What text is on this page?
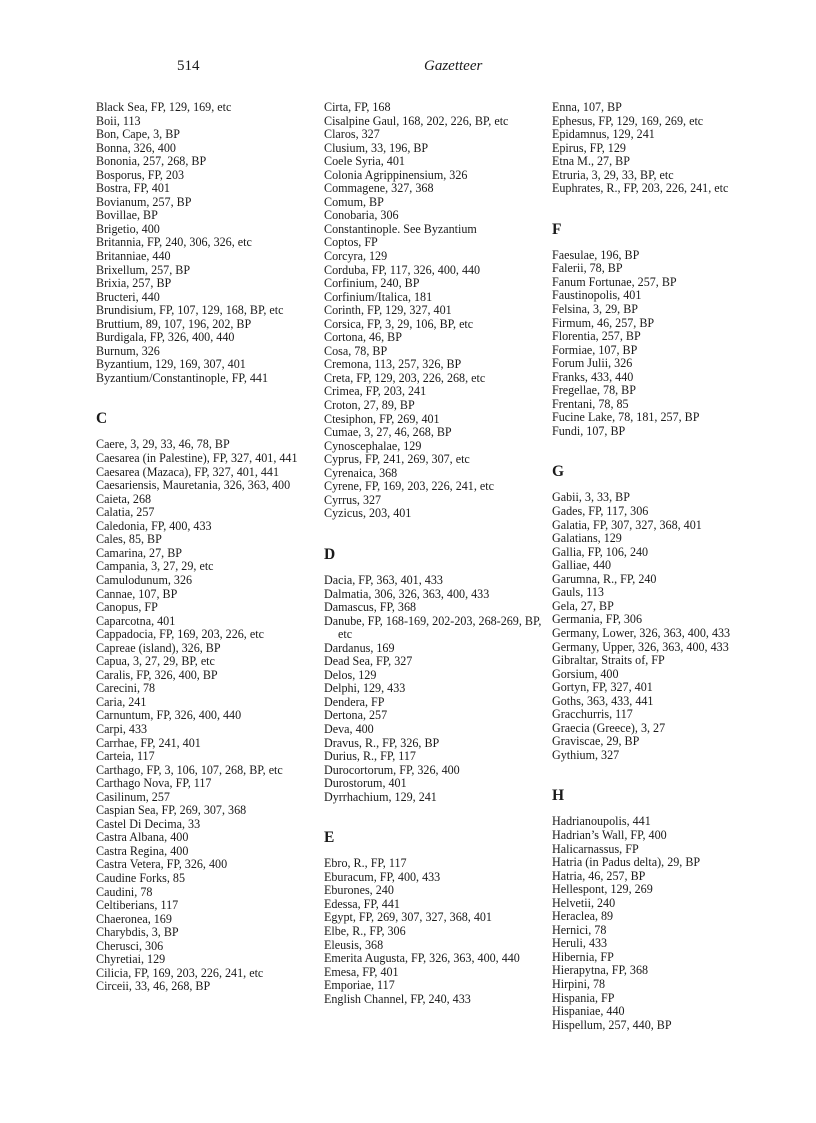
514	Gazetteer
Black Sea, FP, 129, 169, etc
Boii, 113
Bon, Cape, 3, BP
Bonna, 326, 400
Bononia, 257, 268, BP
Bosporus, FP, 203
Bostra, FP, 401
Bovianum, 257, BP
Bovillae, BP
Brigetio, 400
Britannia, FP, 240, 306, 326, etc
Britanniae, 440
Brixellum, 257, BP
Brixia, 257, BP
Bructeri, 440
Brundisium, FP, 107, 129, 168, BP, etc
Bruttium, 89, 107, 196, 202, BP
Burdigala, FP, 326, 400, 440
Burnum, 326
Byzantium, 129, 169, 307, 401
Byzantium/Constantinople, FP, 441
C
Caere, 3, 29, 33, 46, 78, BP
Caesarea (in Palestine), FP, 327, 401, 441
Caesarea (Mazaca), FP, 327, 401, 441
Caesariensis, Mauretania, 326, 363, 400
Caieta, 268
Calatia, 257
Caledonia, FP, 400, 433
Cales, 85, BP
Camarina, 27, BP
Campania, 3, 27, 29, etc
Camulodunum, 326
Cannae, 107, BP
Canopus, FP
Caparcotna, 401
Cappadocia, FP, 169, 203, 226, etc
Capreae (island), 326, BP
Capua, 3, 27, 29, BP, etc
Caralis, FP, 326, 400, BP
Carecini, 78
Caria, 241
Carnuntum, FP, 326, 400, 440
Carpi, 433
Carrhae, FP, 241, 401
Carteia, 117
Carthago, FP, 3, 106, 107, 268, BP, etc
Carthago Nova, FP, 117
Casilinum, 257
Caspian Sea, FP, 269, 307, 368
Castel Di Decima, 33
Castra Albana, 400
Castra Regina, 400
Castra Vetera, FP, 326, 400
Caudine Forks, 85
Caudini, 78
Celtiberians, 117
Chaeronea, 169
Charybdis, 3, BP
Cherusci, 306
Chyretiai, 129
Cilicia, FP, 169, 203, 226, 241, etc
Circeii, 33, 46, 268, BP
Cirta, FP, 168
Cisalpine Gaul, 168, 202, 226, BP, etc
Claros, 327
Clusium, 33, 196, BP
Coele Syria, 401
Colonia Agrippinensium, 326
Commagene, 327, 368
Comum, BP
Conobaria, 306
Constantinople. See Byzantium
Coptos, FP
Corcyra, 129
Corduba, FP, 117, 326, 400, 440
Corfinium, 240, BP
Corfinium/Italica, 181
Corinth, FP, 129, 327, 401
Corsica, FP, 3, 29, 106, BP, etc
Cortona, 46, BP
Cosa, 78, BP
Cremona, 113, 257, 326, BP
Creta, FP, 129, 203, 226, 268, etc
Crimea, FP, 203, 241
Croton, 27, 89, BP
Ctesiphon, FP, 269, 401
Cumae, 3, 27, 46, 268, BP
Cynoscephalae, 129
Cyprus, FP, 241, 269, 307, etc
Cyrenaica, 368
Cyrene, FP, 169, 203, 226, 241, etc
Cyrrus, 327
Cyzicus, 203, 401
D
Dacia, FP, 363, 401, 433
Dalmatia, 306, 326, 363, 400, 433
Damascus, FP, 368
Danube, FP, 168-169, 202-203, 268-269, BP, etc
Dardanus, 169
Dead Sea, FP, 327
Delos, 129
Delphi, 129, 433
Dendera, FP
Dertona, 257
Deva, 400
Dravus, R., FP, 326, BP
Durius, R., FP, 117
Durocortorum, FP, 326, 400
Durostorum, 401
Dyrrhachium, 129, 241
E
Ebro, R., FP, 117
Eburacum, FP, 400, 433
Eburones, 240
Edessa, FP, 441
Egypt, FP, 269, 307, 327, 368, 401
Elbe, R., FP, 306
Eleusis, 368
Emerita Augusta, FP, 326, 363, 400, 440
Emesa, FP, 401
Emporiae, 117
English Channel, FP, 240, 433
Enna, 107, BP
Ephesus, FP, 129, 169, 269, etc
Epidamnus, 129, 241
Epirus, FP, 129
Etna M., 27, BP
Etruria, 3, 29, 33, BP, etc
Euphrates, R., FP, 203, 226, 241, etc
F
Faesulae, 196, BP
Falerii, 78, BP
Fanum Fortunae, 257, BP
Faustinopolis, 401
Felsina, 3, 29, BP
Firmum, 46, 257, BP
Florentia, 257, BP
Formiae, 107, BP
Forum Julii, 326
Franks, 433, 440
Fregellae, 78, BP
Frentani, 78, 85
Fucine Lake, 78, 181, 257, BP
Fundi, 107, BP
G
Gabii, 3, 33, BP
Gades, FP, 117, 306
Galatia, FP, 307, 327, 368, 401
Galatians, 129
Gallia, FP, 106, 240
Galliae, 440
Garumna, R., FP, 240
Gauls, 113
Gela, 27, BP
Germania, FP, 306
Germany, Lower, 326, 363, 400, 433
Germany, Upper, 326, 363, 400, 433
Gibraltar, Straits of, FP
Gorsium, 400
Gortyn, FP, 327, 401
Goths, 363, 433, 441
Gracchurris, 117
Graecia (Greece), 3, 27
Graviscae, 29, BP
Gythium, 327
H
Hadrianoupolis, 441
Hadrian’s Wall, FP, 400
Halicarnassus, FP
Hatria (in Padus delta), 29, BP
Hatria, 46, 257, BP
Hellespont, 129, 269
Helvetii, 240
Heraclea, 89
Hernici, 78
Heruli, 433
Hibernia, FP
Hierapytna, FP, 368
Hirpini, 78
Hispania, FP
Hispaniae, 440
Hispellum, 257, 440, BP
